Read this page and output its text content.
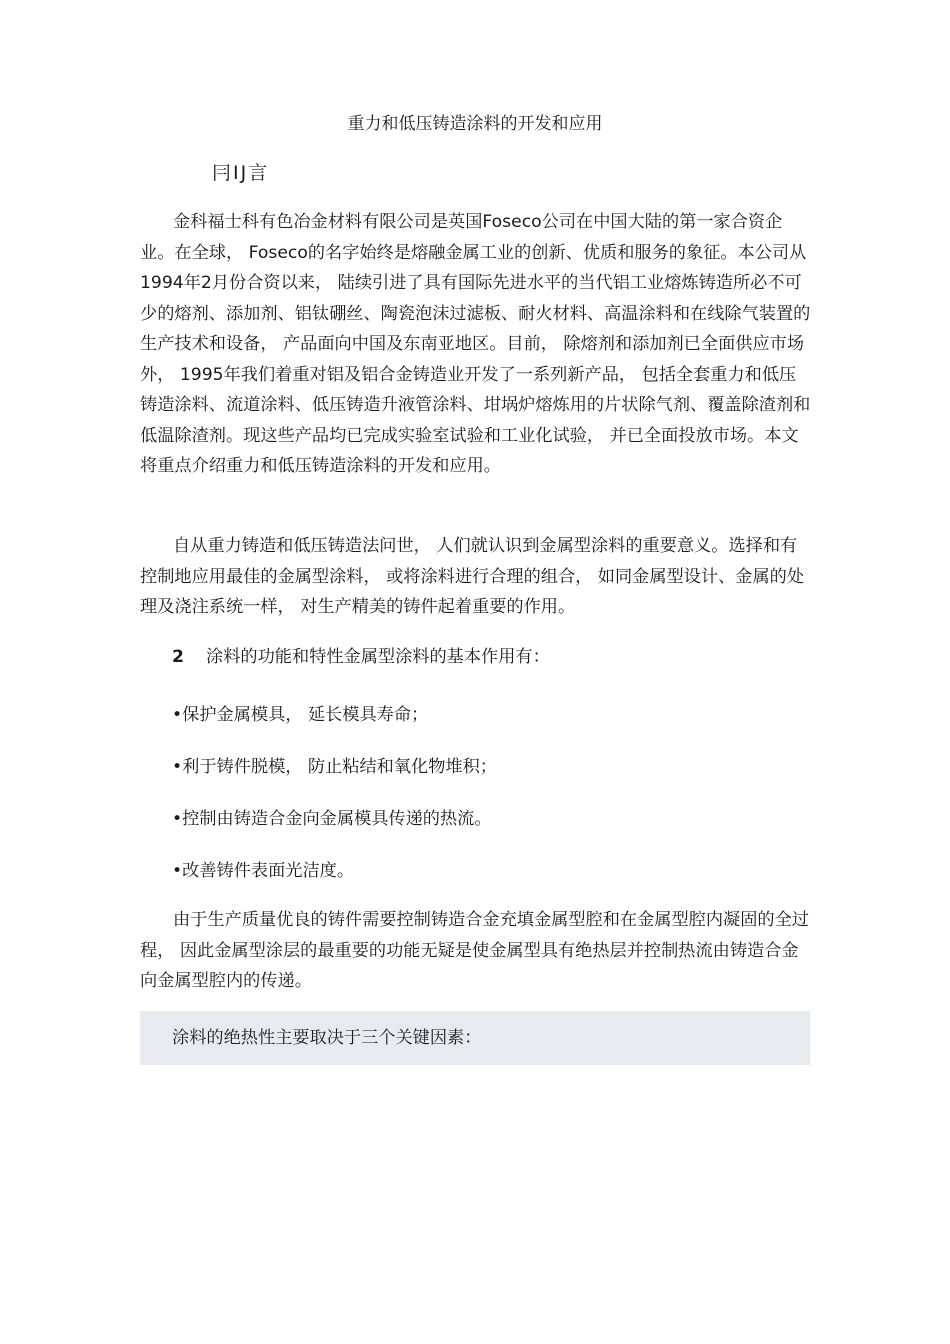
重力和低压铸造涂料的开发和应用
冃IJ言

金科福士科有色冶金材料有限公司是英国Foseco公司在中国大陆的第一家合资企业。在全球， Foseco的名字始终是熔融金属工业的创新、优质和服务的象征。本公司从1994年2月份合资以来， 陆续引进了具有国际先进水平的当代铝工业熔炼铸造所必不可少的熔剂、添加剂、铝钛硼丝、陶瓷泡沫过滤板、耐火材料、高温涂料和在线除气装置的生产技术和设备， 产品面向中国及东南亚地区。目前， 除熔剂和添加剂已全面供应市场外， 1995年我们着重对铝及铝合金铸造业开发了一系列新产品， 包括全套重力和低压铸造涂料、流道涂料、低压铸造升液管涂料、坩埚炉熔炼用的片状除气剂、覆盖除渣剂和低温除渣剂。现这些产品均已完成实验室试验和工业化试验， 并已全面投放市场。本文将重点介绍重力和低压铸造涂料的开发和应用。

自从重力铸造和低压铸造法问世， 人们就认识到金属型涂料的重要意义。选择和有控制地应用最佳的金属型涂料， 或将涂料进行合理的组合， 如同金属型设计、金属的处理及浇注系统一样， 对生产精美的铸件起着重要的作用。

2 涂料的功能和特性金属型涂料的基本作用有：
•保护金属模具， 延长模具寿命；
•利于铸件脱模， 防止粘结和氧化物堆积；
•控制由铸造合金向金属模具传递的热流。
•改善铸件表面光洁度。

由于生产质量优良的铸件需要控制铸造合金充填金属型腔和在金属型腔内凝固的全过程， 因此金属型涂层的最重要的功能无疑是使金属型具有绝热层并控制热流由铸造合金向金属型腔内的传递。

涂料的绝热性主要取决于三个关键因素：
